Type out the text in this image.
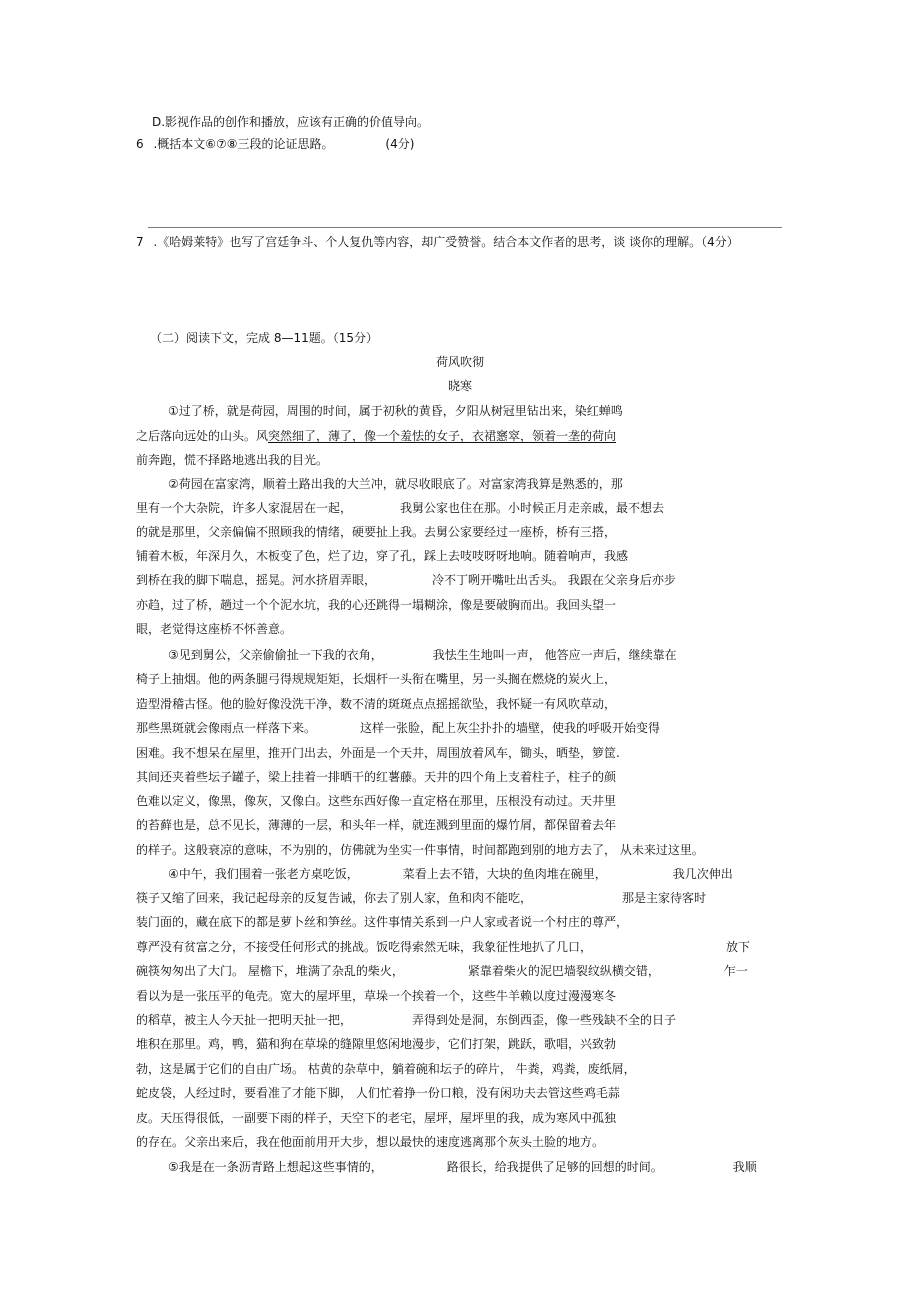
D.影视作品的创作和播放，应该有正确的价值导向。
6 .概括本文⑥⑦⑧三段的论证思路。	(4分)
7 .《哈姆莱特》也写了宫廷争斗、个人复仇等内容，却广受赞誉。结合本文作者的思考，谈 谈你的理解。（4分）
（二）阅读下文，完成 8—11题。（15分）
荷风吹彻
晓寒
①过了桥，就是荷园，周围的时间，属于初秋的黄昏，夕阳从树冠里钻出来，染红蝉鸣
之后落向远处的山头。风突然细了，薄了，像一个羞怯的女子，衣裙窸窣，领着一垄的荷向
前奔跑，慌不择路地逃出我的目光。
②荷园在富家湾，顺着土路出我的大兰冲，就尽收眼底了。对富家湾我算是熟悉的，那
里有一个大杂院，许多人家混居在一起，	我舅公家也住在那。小时候正月走亲戚，最不想去
的就是那里，父亲偏偏不照顾我的情绪，硬要扯上我。去舅公家要经过一座桥，桥有三搭，
铺着木板，年深月久，木板变了色，烂了边，穿了孔，踩上去吱吱呀呀地响。随着响声，我感
到桥在我的脚下喘息，摇晃。河水挤眉弄眼，	冷不丁咧开嘴吐出舌头。 我跟在父亲身后亦步
亦趋，过了桥，趟过一个个泥水坑，我的心还跳得一塌糊涂，像是要破胸而出。我回头望一
眼，老觉得这座桥不怀善意。
③见到舅公，父亲偷偷扯一下我的衣角，	我怯生生地叫一声， 他答应一声后，继续靠在
椅子上抽烟。他的两条腿弓得规规矩矩，长烟杆一头衔在嘴里，另一头搁在燃烧的炭火上，
造型滑稽古怪。他的脸好像没洗干净，数不清的斑斑点点摇摇欲坠，我怀疑一有风吹草动，
那些黑斑就会像雨点一样落下来。	这样一张脸，配上灰尘扑扑的墙壁，使我的呼吸开始变得
困难。我不想呆在屋里，推开门出去，外面是一个天井，周围放着风车，锄头，晒垫，箩筐.
其间还夹着些坛子罐子，梁上挂着一排晒干的红薯藤。天井的四个角上支着柱子，柱子的颜
色难以定义，像黑，像灰，又像白。这些东西好像一直定格在那里，压根没有动过。天井里
的苔藓也是，总不见长，薄薄的一层，和头年一样，就连溅到里面的爆竹屑，都保留着去年
的样子。这般衰凉的意味，不为别的，仿佛就为坐实一件事情，时间都跑到别的地方去了， 从未来过这里。
④中午，我们围着一张老方桌吃饭，	菜看上去不错，大块的鱼肉堆在碗里，	我几次伸出
筷子又缩了回来，我记起母亲的反复告诫，你去了别人家，鱼和肉不能吃，	那是主家待客时
装门面的，藏在底下的都是萝卜丝和笋丝。这件事情关系到一户人家或者说一个村庄的尊严，
尊严没有贫富之分，不接受任何形式的挑战。饭吃得索然无味，我象征性地扒了几口，	放下
碗筷匆匆出了大门。 屋檐下，堆满了杂乱的柴火，	紧靠着柴火的泥巴墙裂纹纵横交错，	乍一
看以为是一张压平的龟壳。宽大的屋坪里，草垛一个挨着一个，这些牛羊赖以度过漫漫寒冬
的稻草，被主人今天扯一把明天扯一把，	弄得到处是洞，东倒西歪，像一些残缺不全的日子
堆积在那里。鸡，鸭，猫和狗在草垛的缝隙里悠闲地漫步，它们打架，跳跃，歌唱，兴致勃
勃，这是属于它们的自由广场。 枯黄的杂草中，躺着碗和坛子的碎片， 牛粪，鸡粪，废纸屑，
蛇皮袋，人经过时，要看准了才能下脚， 人们忙着挣一份口粮，没有闲功夫去管这些鸡毛蒜
皮。天压得很低，一副要下雨的样子，天空下的老宅，屋坪，屋坪里的我，成为寒风中孤独
的存在。父亲出来后，我在他面前用开大步，想以最快的速度逃离那个灰头土脸的地方。
⑤我是在一条沥青路上想起这些事情的，	路很长，给我提供了足够的回想的时间。	我顺
